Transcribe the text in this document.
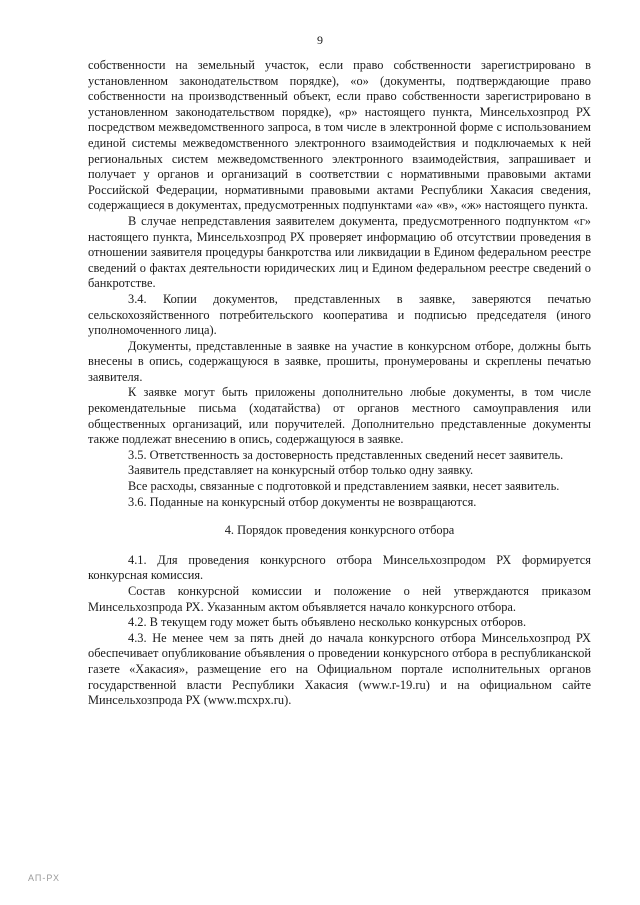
9

собственности на земельный участок, если право собственности зарегистрировано в установленном законодательством порядке), «о» (документы, подтверждающие право собственности на производственный объект, если право собственности зарегистрировано в установленном законодательством порядке), «р» настоящего пункта, Минсельхозпрод РХ посредством межведомственного запроса, в том числе в электронной форме с использованием единой системы межведомственного электронного взаимодействия и подключаемых к ней региональных систем межведомственного электронного взаимодействия, запрашивает и получает у органов и организаций в соответствии с нормативными правовыми актами Российской Федерации, нормативными правовыми актами Республики Хакасия сведения, содержащиеся в документах, предусмотренных подпунктами «а» «в», «ж» настоящего пункта.

В случае непредставления заявителем документа, предусмотренного подпунктом «г» настоящего пункта, Минсельхозпрод РХ проверяет информацию об отсутствии проведения в отношении заявителя процедуры банкротства или ликвидации в Едином федеральном реестре сведений о фактах деятельности юридических лиц и Едином федеральном реестре сведений о банкротстве.

3.4. Копии документов, представленных в заявке, заверяются печатью сельскохозяйственного потребительского кооператива и подписью председателя (иного уполномоченного лица).

Документы, представленные в заявке на участие в конкурсном отборе, должны быть внесены в опись, содержащуюся в заявке, прошиты, пронумерованы и скреплены печатью заявителя.

К заявке могут быть приложены дополнительно любые документы, в том числе рекомендательные письма (ходатайства) от органов местного самоуправления или общественных организаций, или поручителей. Дополнительно представленные документы также подлежат внесению в опись, содержащуюся в заявке.

3.5. Ответственность за достоверность представленных сведений несет заявитель.

Заявитель представляет на конкурсный отбор только одну заявку.

Все расходы, связанные с подготовкой и представлением заявки, несет заявитель.

3.6. Поданные на конкурсный отбор документы не возвращаются.

4. Порядок проведения конкурсного отбора

4.1. Для проведения конкурсного отбора Минсельхозпродом РХ формируется конкурсная комиссия.

Состав конкурсной комиссии и положение о ней утверждаются приказом Минсельхозпрода РХ. Указанным актом объявляется начало конкурсного отбора.

4.2. В текущем году может быть объявлено несколько конкурсных отборов.

4.3. Не менее чем за пять дней до начала конкурсного отбора Минсельхозпрод РХ обеспечивает опубликование объявления о проведении конкурсного отбора в республиканской газете «Хакасия», размещение его на Официальном портале исполнительных органов государственной власти Республики Хакасия (www.r-19.ru) и на официальном сайте Минсельхозпрода РХ (www.mcxpx.ru).

АП-РХ
